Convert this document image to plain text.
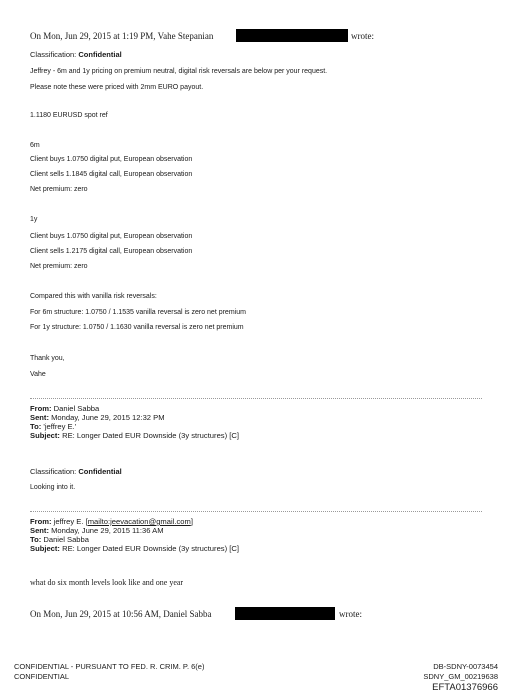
On Mon, Jun 29, 2015 at 1:19 PM, Vahe Stepanian	wrote:
Classification: Confidential
Jeffrey - 6m and 1y pricing on premium neutral, digital risk reversals are below per your request.
Please note these were priced with 2mm EURO payout.
1.1180 EURUSD spot ref
6m
Client buys 1.0750 digital put, European observation
Client sells 1.1845 digital call, European observation
Net premium: zero
1y
Client buys 1.0750 digital put, European observation
Client sells 1.2175 digital call, European observation
Net premium: zero
Compared this with vanilla risk reversals:
For 6m structure: 1.0750 / 1.1535 vanilla reversal is zero net premium
For 1y structure: 1.0750 / 1.1630 vanilla reversal is zero net premium
Thank you,
Vahe
From: Daniel Sabba
Sent: Monday, June 29, 2015 12:32 PM
To: 'jeffrey E.'
Subject: RE: Longer Dated EUR Downside (3y structures) [C]
Classification: Confidential
Looking into it.
From: jeffrey E. [mailto:jeevacation@gmail.com]
Sent: Monday, June 29, 2015 11:36 AM
To: Daniel Sabba
Subject: RE: Longer Dated EUR Downside (3y structures) [C]
what do six month levels look like and one year
On Mon, Jun 29, 2015 at 10:56 AM, Daniel Sabba	wrote:
CONFIDENTIAL - PURSUANT TO FED. R. CRIM. P. 6(e)
CONFIDENTIAL
DB-SDNY-0073454
SDNY_GM_00219638
EFTA01376966
